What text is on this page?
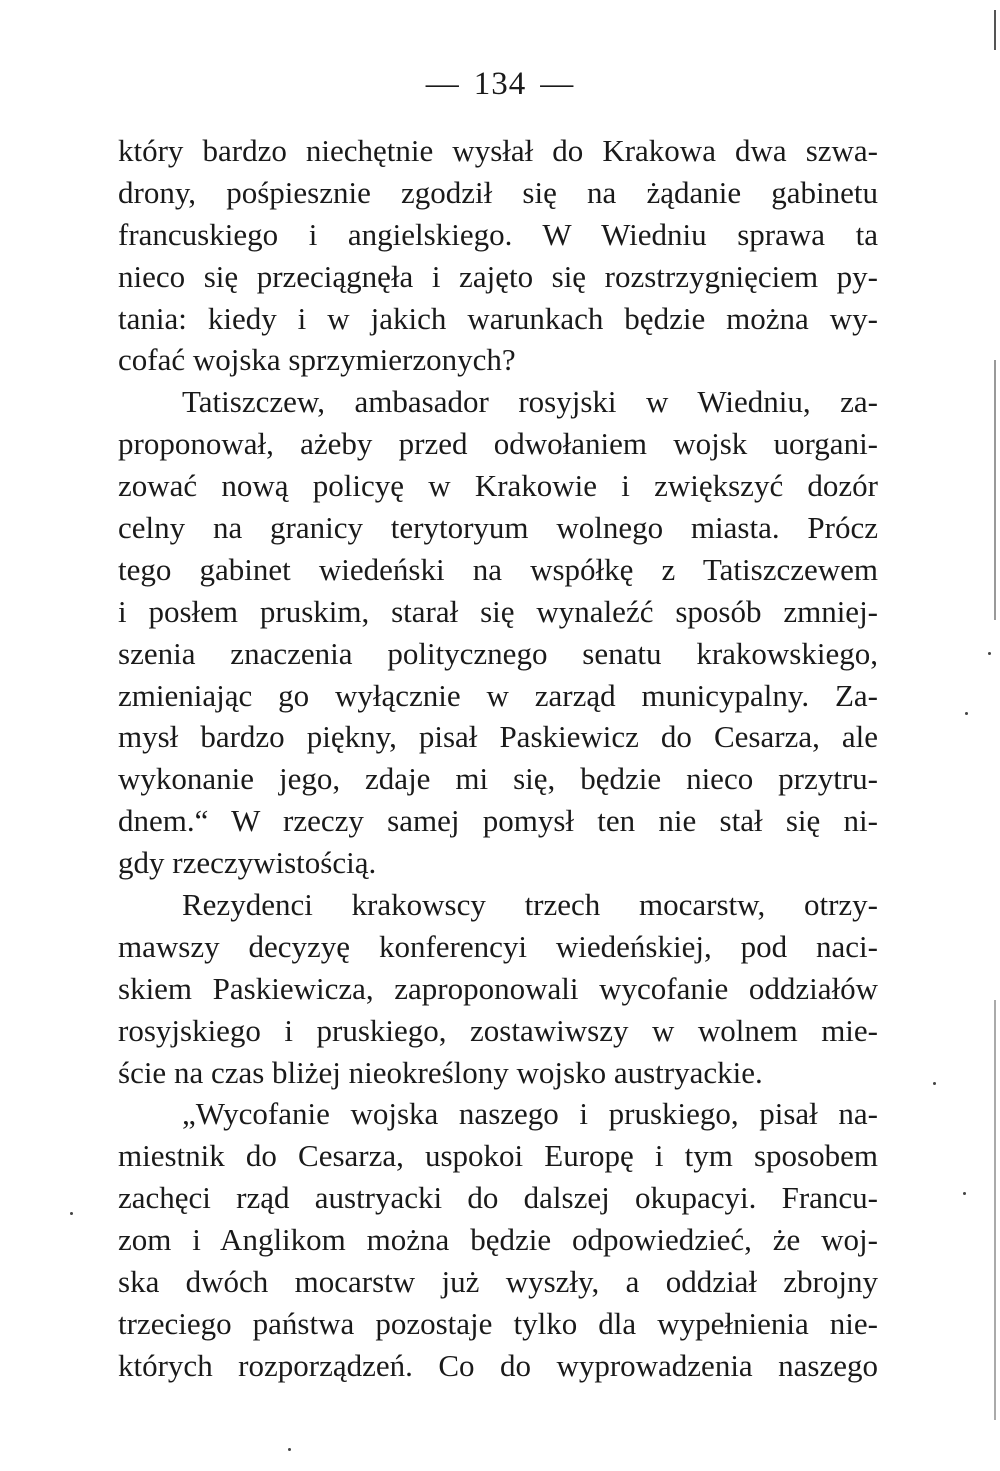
— 134 —
który bardzo niechętnie wysłał do Krakowa dwa szwa-
drony, pośpiesznie zgodził się na żądanie gabinetu
francuskiego i angielskiego. W Wiedniu sprawa ta
nieco się przeciągnęła i zajęto się rozstrzygnięciem py-
tania: kiedy i w jakich warunkach będzie można wy-
cofać wojska sprzymierzonych?
Tatiszczew, ambasador rosyjski w Wiedniu, za-
proponował, ażeby przed odwołaniem wojsk uorgani-
zować nową policyę w Krakowie i zwiększyć dozór
celny na granicy terytoryum wolnego miasta. Prócz
tego gabinet wiedeński na współkę z Tatiszczewem
i posłem pruskim, starał się wynaleźć sposób zmniej-
szenia znaczenia politycznego senatu krakowskiego,
zmieniając go wyłącznie w zarząd municypalny. Za-
mysł bardzo piękny, pisał Paskiewicz do Cesarza, ale
wykonanie jego, zdaje mi się, będzie nieco przytru-
dnem.“ W rzeczy samej pomysł ten nie stał się ni-
gdy rzeczywistością.
Rezydenci krakowscy trzech mocarstw, otrzy-
mawszy decyzyę konferencyi wiedeńskiej, pod naci-
skiem Paskiewicza, zaproponowali wycofanie oddziałów
rosyjskiego i pruskiego, zostawiwszy w wolnem mie-
ście na czas bliżej nieokreślony wojsko austryackie.
„Wycofanie wojska naszego i pruskiego, pisał na-
miestnik do Cesarza, uspokoi Europę i tym sposobem
zachęci rząd austryacki do dalszej okupacyi. Francu-
zom i Anglikom można będzie odpowiedzieć, że woj-
ska dwóch mocarstw już wyszły, a oddział zbrojny
trzeciego państwa pozostaje tylko dla wypełnienia nie-
których rozporządzeń. Co do wyprowadzenia naszego
